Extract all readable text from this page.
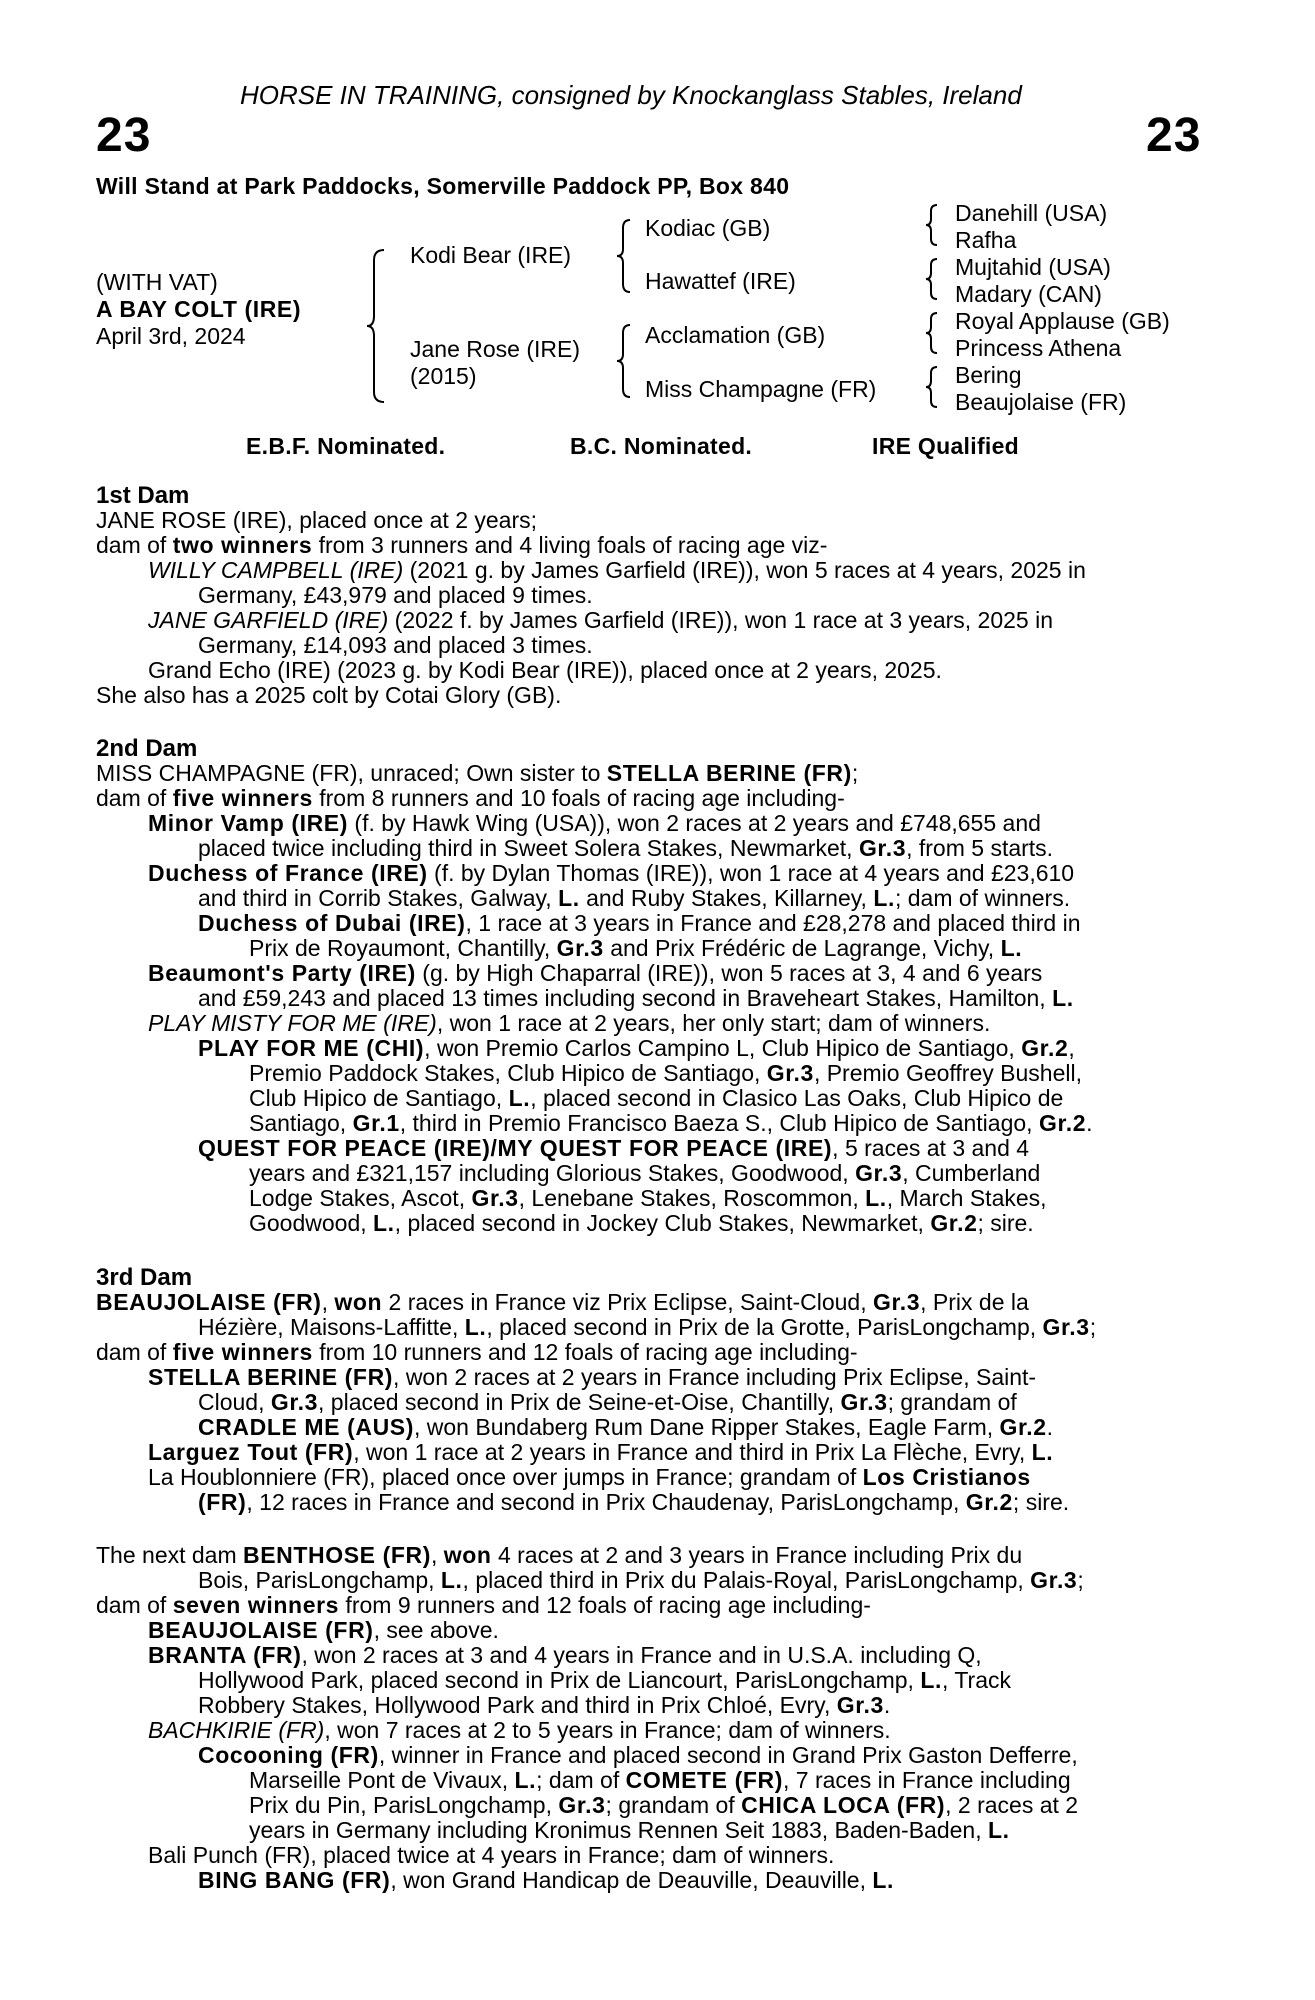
HORSE IN TRAINING, consigned by Knockanglass Stables, Ireland
23	23
Will Stand at Park Paddocks, Somerville Paddock PP, Box 840
(WITH VAT)
A BAY COLT (IRE)
April 3rd, 2024
Kodi Bear (IRE)
Jane Rose (IRE)
(2015)
Kodiac (GB)
Hawattef (IRE)
Acclamation (GB)
Miss Champagne (FR)
Danehill (USA)
Rafha
Mujtahid (USA)
Madary (CAN)
Royal Applause (GB)
Princess Athena
Bering
Beaujolaise (FR)
E.B.F. Nominated.	B.C. Nominated.	IRE Qualified
1st Dam
JANE ROSE (IRE), placed once at 2 years;
dam of two winners from 3 runners and 4 living foals of racing age viz-
WILLY CAMPBELL (IRE) (2021 g. by James Garfield (IRE)), won 5 races at 4 years, 2025 in
Germany, £43,979 and placed 9 times.
JANE GARFIELD (IRE) (2022 f. by James Garfield (IRE)), won 1 race at 3 years, 2025 in
Germany, £14,093 and placed 3 times.
Grand Echo (IRE) (2023 g. by Kodi Bear (IRE)), placed once at 2 years, 2025.
She also has a 2025 colt by Cotai Glory (GB).
2nd Dam
MISS CHAMPAGNE (FR), unraced; Own sister to STELLA BERINE (FR);
dam of five winners from 8 runners and 10 foals of racing age including-
Minor Vamp (IRE) (f. by Hawk Wing (USA)), won 2 races at 2 years and £748,655 and
placed twice including third in Sweet Solera Stakes, Newmarket, Gr.3, from 5 starts.
Duchess of France (IRE) (f. by Dylan Thomas (IRE)), won 1 race at 4 years and £23,610
and third in Corrib Stakes, Galway, L. and Ruby Stakes, Killarney, L.; dam of winners.
Duchess of Dubai (IRE), 1 race at 3 years in France and £28,278 and placed third in
Prix de Royaumont, Chantilly, Gr.3 and Prix Frédéric de Lagrange, Vichy, L.
Beaumont's Party (IRE) (g. by High Chaparral (IRE)), won 5 races at 3, 4 and 6 years
and £59,243 and placed 13 times including second in Braveheart Stakes, Hamilton, L.
PLAY MISTY FOR ME (IRE), won 1 race at 2 years, her only start; dam of winners.
PLAY FOR ME (CHI), won Premio Carlos Campino L, Club Hipico de Santiago, Gr.2,
Premio Paddock Stakes, Club Hipico de Santiago, Gr.3, Premio Geoffrey Bushell,
Club Hipico de Santiago, L., placed second in Clasico Las Oaks, Club Hipico de
Santiago, Gr.1, third in Premio Francisco Baeza S., Club Hipico de Santiago, Gr.2.
QUEST FOR PEACE (IRE)/MY QUEST FOR PEACE (IRE), 5 races at 3 and 4
years and £321,157 including Glorious Stakes, Goodwood, Gr.3, Cumberland
Lodge Stakes, Ascot, Gr.3, Lenebane Stakes, Roscommon, L., March Stakes,
Goodwood, L., placed second in Jockey Club Stakes, Newmarket, Gr.2; sire.
3rd Dam
BEAUJOLAISE (FR), won 2 races in France viz Prix Eclipse, Saint-Cloud, Gr.3, Prix de la
Hézière, Maisons-Laffitte, L., placed second in Prix de la Grotte, ParisLongchamp, Gr.3;
dam of five winners from 10 runners and 12 foals of racing age including-
STELLA BERINE (FR), won 2 races at 2 years in France including Prix Eclipse, Saint-
Cloud, Gr.3, placed second in Prix de Seine-et-Oise, Chantilly, Gr.3; grandam of
CRADLE ME (AUS), won Bundaberg Rum Dane Ripper Stakes, Eagle Farm, Gr.2.
Larguez Tout (FR), won 1 race at 2 years in France and third in Prix La Flèche, Evry, L.
La Houblonniere (FR), placed once over jumps in France; grandam of Los Cristianos
(FR), 12 races in France and second in Prix Chaudenay, ParisLongchamp, Gr.2; sire.
The next dam BENTHOSE (FR), won 4 races at 2 and 3 years in France including Prix du
Bois, ParisLongchamp, L., placed third in Prix du Palais-Royal, ParisLongchamp, Gr.3;
dam of seven winners from 9 runners and 12 foals of racing age including-
BEAUJOLAISE (FR), see above.
BRANTA (FR), won 2 races at 3 and 4 years in France and in U.S.A. including Q,
Hollywood Park, placed second in Prix de Liancourt, ParisLongchamp, L., Track
Robbery Stakes, Hollywood Park and third in Prix Chloé, Evry, Gr.3.
BACHKIRIE (FR), won 7 races at 2 to 5 years in France; dam of winners.
Cocooning (FR), winner in France and placed second in Grand Prix Gaston Defferre,
Marseille Pont de Vivaux, L.; dam of COMETE (FR), 7 races in France including
Prix du Pin, ParisLongchamp, Gr.3; grandam of CHICA LOCA (FR), 2 races at 2
years in Germany including Kronimus Rennen Seit 1883, Baden-Baden, L.
Bali Punch (FR), placed twice at 4 years in France; dam of winners.
BING BANG (FR), won Grand Handicap de Deauville, Deauville, L.
